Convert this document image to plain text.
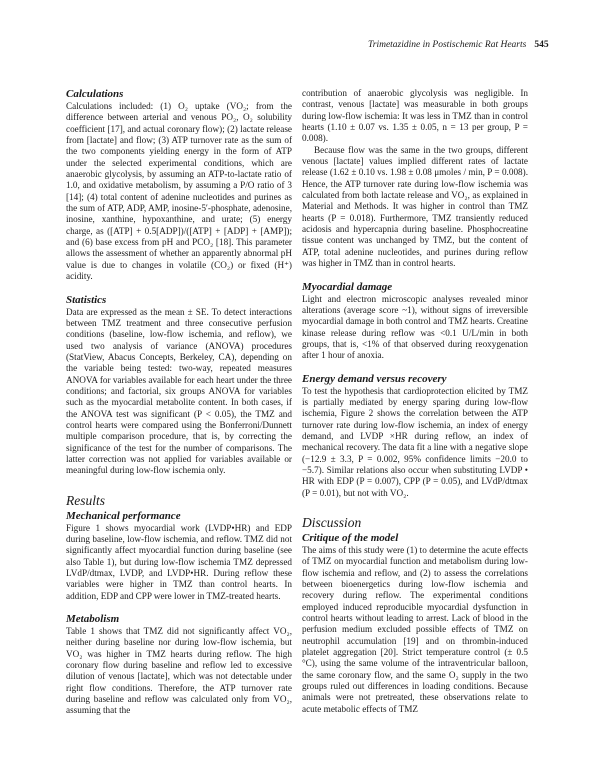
Trimetazidine in Postischemic Rat Hearts 545
Calculations

Calculations included: (1) O₂ uptake (VO₂; from the difference between arterial and venous PO₂, O₂ solubility coefficient [17], and actual coronary flow); (2) lactate release from [lactate] and flow; (3) ATP turnover rate as the sum of the two components yielding energy in the form of ATP under the selected experimental conditions, which are anaerobic glycolysis, by assuming an ATP-to-lactate ratio of 1.0, and oxidative metabolism, by assuming a P/O ratio of 3 [14]; (4) total content of adenine nucleotides and purines as the sum of ATP, ADP, AMP, inosine-5′-phosphate, adenosine, inosine, xanthine, hypoxanthine, and urate; (5) energy charge, as ([ATP] + 0.5[ADP])/([ATP] + [ADP] + [AMP]); and (6) base excess from pH and PCO₂ [18]. This parameter allows the assessment of whether an apparently abnormal pH value is due to changes in volatile (CO₂) or fixed (H⁺) acidity.

Statistics

Data are expressed as the mean ± SE. To detect interactions between TMZ treatment and three consecutive perfusion conditions (baseline, low-flow ischemia, and reflow), we used two analysis of variance (ANOVA) procedures (StatView, Abacus Concepts, Berkeley, CA), depending on the variable being tested: two-way, repeated measures ANOVA for variables available for each heart under the three conditions; and factorial, six groups ANOVA for variables such as the myocardial metabolite content. In both cases, if the ANOVA test was significant (P < 0.05), the TMZ and control hearts were compared using the Bonferroni/Dunnett multiple comparison procedure, that is, by correcting the significance of the test for the number of comparisons. The latter correction was not applied for variables available or meaningful during low-flow ischemia only.

Results
Mechanical performance

Figure 1 shows myocardial work (LVDP•HR) and EDP during baseline, low-flow ischemia, and reflow. TMZ did not significantly affect myocardial function during baseline (see also Table 1), but during low-flow ischemia TMZ depressed LVdP/dtmax, LVDP, and LVDP•HR. During reflow these variables were higher in TMZ than control hearts. In addition, EDP and CPP were lower in TMZ-treated hearts.

Metabolism

Table 1 shows that TMZ did not significantly affect VO₂, neither during baseline nor during low-flow ischemia, but VO₂ was higher in TMZ hearts during reflow. The high coronary flow during baseline and reflow led to excessive dilution of venous [lactate], which was not detectable under right flow conditions. Therefore, the ATP turnover rate during baseline and reflow was calculated only from VO₂, assuming that the

contribution of anaerobic glycolysis was negligible. In contrast, venous [lactate] was measurable in both groups during low-flow ischemia: It was less in TMZ than in control hearts (1.10 ± 0.07 vs. 1.35 ± 0.05, n = 13 per group, P = 0.008).

Because flow was the same in the two groups, different venous [lactate] values implied different rates of lactate release (1.62 ± 0.10 vs. 1.98 ± 0.08 μmoles / min, P = 0.008). Hence, the ATP turnover rate during low-flow ischemia was calculated from both lactate release and VO₂, as explained in Material and Methods. It was higher in control than TMZ hearts (P = 0.018). Furthermore, TMZ transiently reduced acidosis and hypercapnia during baseline. Phosphocreatine tissue content was unchanged by TMZ, but the content of ATP, total adenine nucleotides, and purines during reflow was higher in TMZ than in control hearts.

Myocardial damage

Light and electron microscopic analyses revealed minor alterations (average score ~1), without signs of irreversible myocardial damage in both control and TMZ hearts. Creatine kinase release during reflow was <0.1 U/L/min in both groups, that is, <1% of that observed during reoxygenation after 1 hour of anoxia.

Energy demand versus recovery

To test the hypothesis that cardioprotection elicited by TMZ is partially mediated by energy sparing during low-flow ischemia, Figure 2 shows the correlation between the ATP turnover rate during low-flow ischemia, an index of energy demand, and LVDP ×HR during reflow, an index of mechanical recovery. The data fit a line with a negative slope (−12.9 ± 3.3, P = 0.002, 95% confidence limits −20.0 to −5.7). Similar relations also occur when substituting LVDP • HR with EDP (P = 0.007), CPP (P = 0.05), and LVdP/dtmax (P = 0.01), but not with VO₂.

Discussion
Critique of the model

The aims of this study were (1) to determine the acute effects of TMZ on myocardial function and metabolism during low-flow ischemia and reflow, and (2) to assess the correlations between bioenergetics during low-flow ischemia and recovery during reflow. The experimental conditions employed induced reproducible myocardial dysfunction in control hearts without leading to arrest. Lack of blood in the perfusion medium excluded possible effects of TMZ on neutrophil accumulation [19] and on thrombin-induced platelet aggregation [20]. Strict temperature control (± 0.5 °C), using the same volume of the intraventricular balloon, the same coronary flow, and the same O₂ supply in the two groups ruled out differences in loading conditions. Because animals were not pretreated, these observations relate to acute metabolic effects of TMZ
